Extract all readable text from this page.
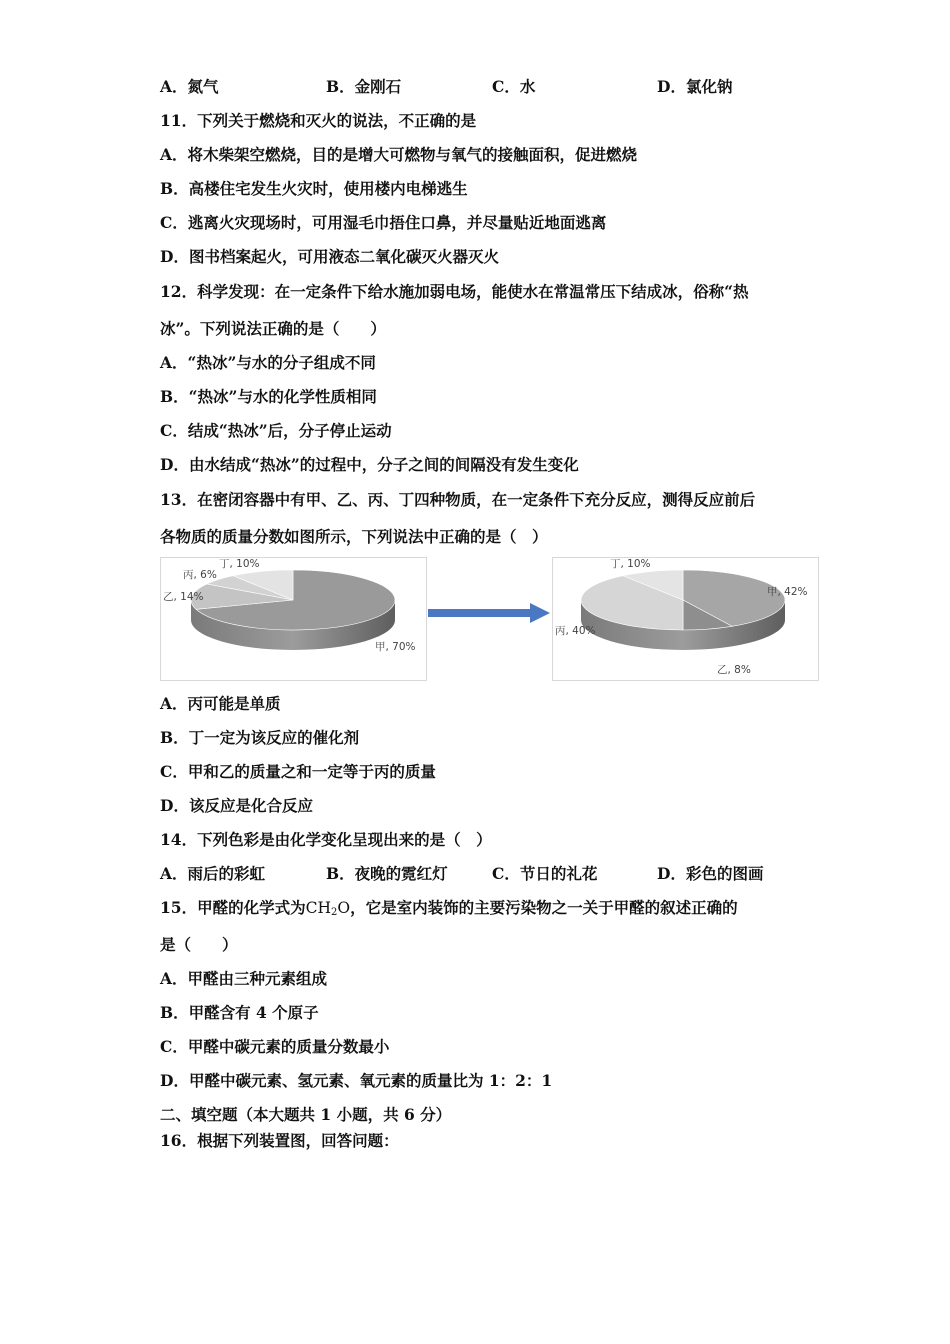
A．氮气	B．金刚石	C．水	D．氯化钠
11．下列关于燃烧和灭火的说法，不正确的是
A．将木柴架空燃烧，目的是增大可燃物与氧气的接触面积，促进燃烧
B．高楼住宅发生火灾时，使用楼内电梯逃生
C．逃离火灾现场时，可用湿毛巾捂住口鼻，并尽量贴近地面逃离
D．图书档案起火，可用液态二氧化碳灭火器灭火
12．科学发现：在一定条件下给水施加弱电场，能使水在常温常压下结成冰，俗称“热
冰”。下列说法正确的是（　　）
A．“热冰”与水的分子组成不同
B．“热冰”与水的化学性质相同
C．结成“热冰”后，分子停止运动
D．由水结成“热冰”的过程中，分子之间的间隔没有发生变化
13．在密闭容器中有甲、乙、丙、丁四种物质，在一定条件下充分反应，测得反应前后
各物质的质量分数如图所示，下列说法中正确的是（　）
甲, 70%
乙, 14%
丙, 6%
丁, 10%
甲, 42%
乙, 8%
丙, 40%
丁, 10%
A．丙可能是单质
B．丁一定为该反应的催化剂
C．甲和乙的质量之和一定等于丙的质量
D．该反应是化合反应
14．下列色彩是由化学变化呈现出来的是（　）
A．雨后的彩虹	B．夜晚的霓红灯	C．节日的礼花	D．彩色的图画
15．甲醛的化学式为$CH_2O$，它是室内装饰的主要污染物之一关于甲醛的叙述正确的
是（　　）
A．甲醛由三种元素组成
B．甲醛含有 4 个原子
C．甲醛中碳元素的质量分数最小
D．甲醛中碳元素、氢元素、氧元素的质量比为 1：2：1
二、填空题（本大题共 1 小题，共 6 分）
16．根据下列装置图，回答问题：
